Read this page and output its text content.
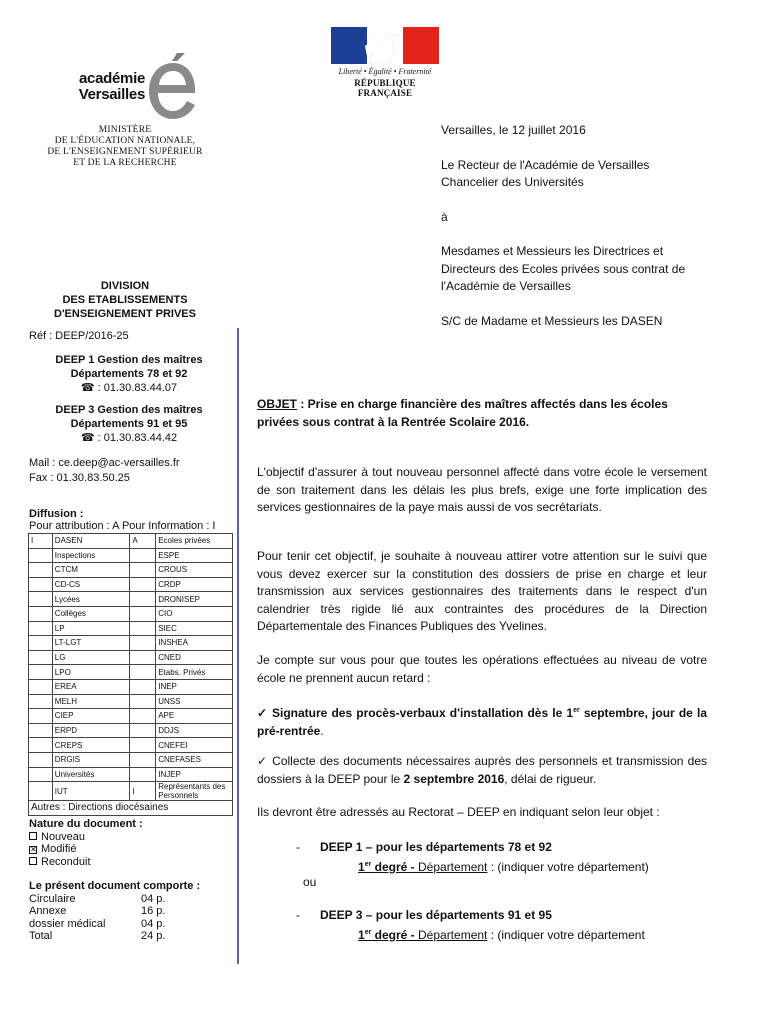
Liberté • Égalité • Fraternité
RÉPUBLIQUE FRANÇAISE
académie
Versailles
MINISTÈRE
DE L'ÉDUCATION NATIONALE,
DE L'ENSEIGNEMENT SUPÉRIEUR
ET DE LA RECHERCHE
DIVISION
DES ETABLISSEMENTS
D'ENSEIGNEMENT PRIVES
Réf : DEEP/2016-25
DEEP 1 Gestion des maîtres
Départements 78 et 92
☎ : 01.30.83.44.07
DEEP 3 Gestion des maîtres
Départements 91 et 95
☎ : 01.30.83.44.42
Mail : ce.deep@ac-versailles.fr
Fax : 01.30.83.50.25
Diffusion :
Pour attribution : A Pour Information : I
I	DASEN	A	Ecoles privées
	Inspections		ESPE
	CTCM		CROUS
	CD-CS		CRDP
	Lycées		DRONISEP
	Collèges		CIO
	LP		SIEC
	LT-LGT		INSHEA
	LG		CNED
	LPO		Etabs. Privés
	EREA		INEP
	MELH		UNSS
	CIEP		APE
	ERPD		DDJS
	CREPS		CNEFEI
	DRGIS		CNEFASES
	Universités		INJEP
	IUT	I	Représentants des Personnels
Autres : Directions diocésaines			
Nature du document :
Nouveau
✕ Modifié
Reconduit
Le présent document comporte :
Circulaire	04 p.
Annexe	16 p.
dossier médical	04 p.
Total	24 p.
Versailles, le 12 juillet 2016
Le Recteur de l'Académie de Versailles
Chancelier des Universités
à
Mesdames et Messieurs les Directrices et
Directeurs des Ecoles privées sous contrat de
l'Académie de Versailles
S/C de Madame et Messieurs les DASEN
OBJET : Prise en charge financière des maîtres affectés dans les écoles privées sous contrat à la Rentrée Scolaire 2016.
L'objectif d'assurer à tout nouveau personnel affecté dans votre école le versement de son traitement dans les délais les plus brefs, exige une forte implication des services gestionnaires de la paye mais aussi de vos secrétariats.
Pour tenir cet objectif, je souhaite à nouveau attirer votre attention sur le suivi que vous devez exercer sur la constitution des dossiers de prise en charge et leur transmission aux services gestionnaires des traitements dans le respect d'un calendrier très rigide lié aux contraintes des procédures de la Direction Départementale des Finances Publiques des Yvelines.
Je compte sur vous pour que toutes les opérations effectuées au niveau de votre école ne prennent aucun retard :
✓ Signature des procès-verbaux d'installation dès le 1er septembre, jour de la pré-rentrée.
✓ Collecte des documents nécessaires auprès des personnels et transmission des dossiers à la DEEP pour le 2 septembre 2016, délai de rigueur.
Ils devront être adressés au Rectorat – DEEP en indiquant selon leur objet :
- DEEP 1 – pour les départements 78 et 92
1er degré - Département : (indiquer votre département)
ou
- DEEP 3 – pour les départements 91 et 95
1er degré - Département : (indiquer votre département
